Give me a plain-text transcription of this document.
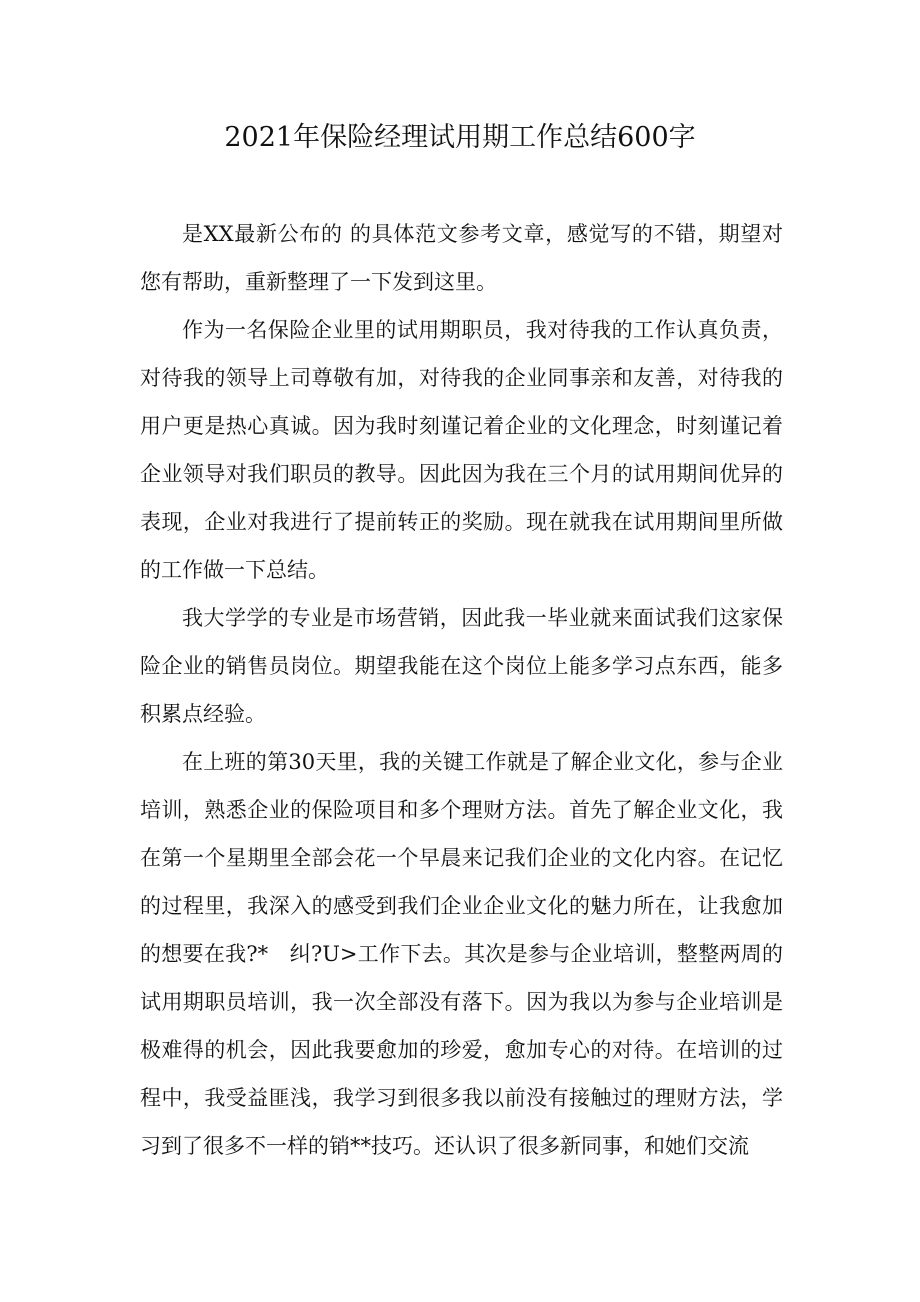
2021年保险经理试用期工作总结600字

是XX最新公布的 的具体范文参考文章，感觉写的不错，期望对您有帮助，重新整理了一下发到这里。

作为一名保险企业里的试用期职员，我对待我的工作认真负责，对待我的领导上司尊敬有加，对待我的企业同事亲和友善，对待我的用户更是热心真诚。因为我时刻谨记着企业的文化理念，时刻谨记着企业领导对我们职员的教导。因此因为我在三个月的试用期间优异的表现，企业对我进行了提前转正的奖励。现在就我在试用期间里所做的工作做一下总结。

我大学学的专业是市场营销，因此我一毕业就来面试我们这家保险企业的销售员岗位。期望我能在这个岗位上能多学习点东西，能多积累点经验。

在上班的第30天里，我的关键工作就是了解企业文化，参与企业培训，熟悉企业的保险项目和多个理财方法。首先了解企业文化，我在第一个星期里全部会花一个早晨来记我们企业的文化内容。在记忆的过程里，我深入的感受到我们企业企业文化的魅力所在，让我愈加的想要在我?*　纠?U>工作下去。其次是参与企业培训，整整两周的试用期职员培训，我一次全部没有落下。因为我以为参与企业培训是极难得的机会，因此我要愈加的珍爱，愈加专心的对待。在培训的过程中，我受益匪浅，我学习到很多我以前没有接触过的理财方法，学习到了很多不一样的销**技巧。还认识了很多新同事，和她们交流
